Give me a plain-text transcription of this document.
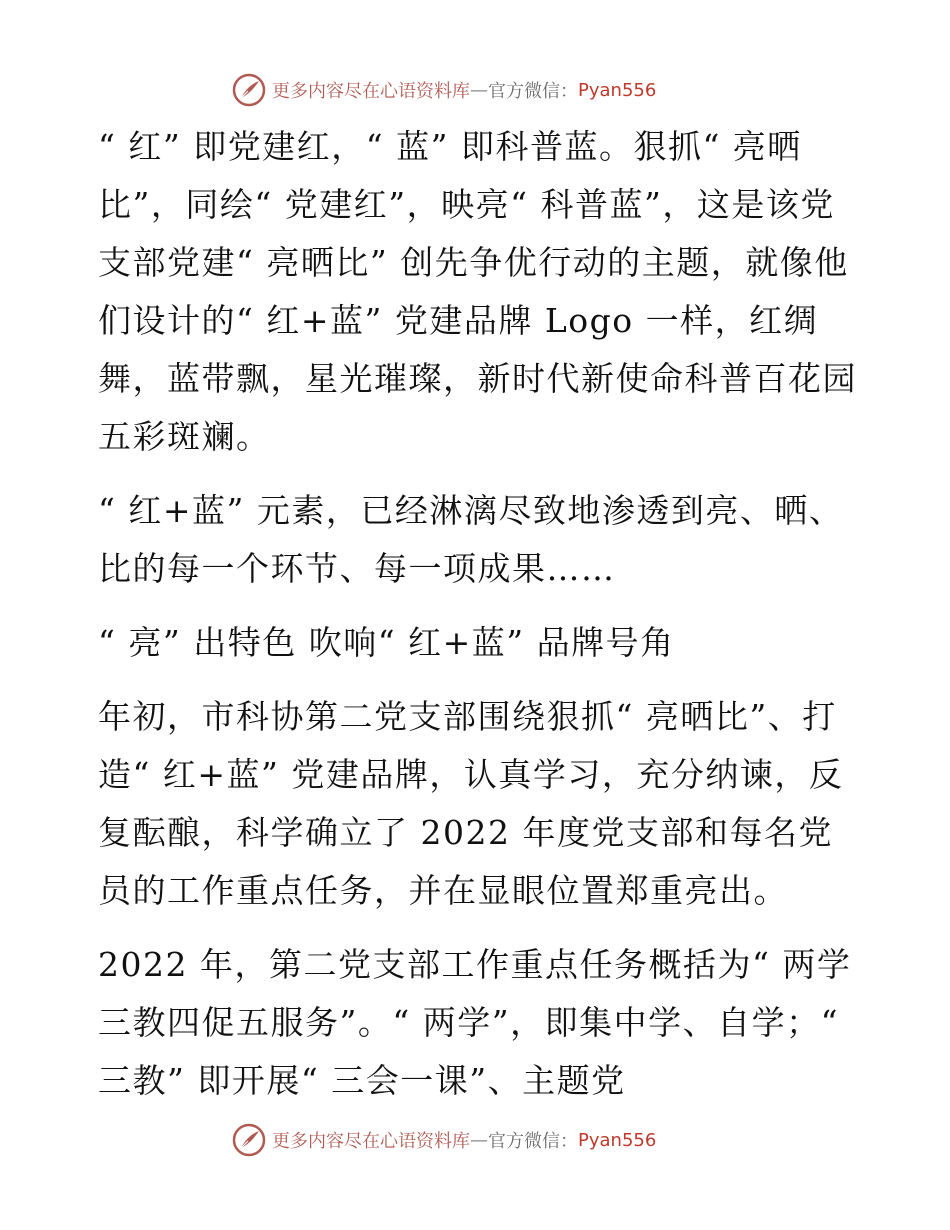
更多内容尽在心语资料库 — 官方微信： Pyan556

“ 红” 即党建红，“ 蓝” 即科普蓝。狠抓“ 亮晒比”，同绘“ 党建红”，映亮“ 科普蓝”，这是该党支部党建“ 亮晒比” 创先争优行动的主题，就像他们设计的“ 红+蓝” 党建品牌 Logo 一样，红绸舞，蓝带飘，星光璀璨，新时代新使命科普百花园五彩斑斓。

“ 红+蓝” 元素，已经淋漓尽致地渗透到亮、晒、比的每一个环节、每一项成果……

“ 亮” 出特色 吹响“ 红+蓝” 品牌号角

年初，市科协第二党支部围绕狠抓“ 亮晒比”、打造“ 红+蓝” 党建品牌，认真学习，充分纳谏，反复酝酿，科学确立了 2022 年度党支部和每名党员的工作重点任务，并在显眼位置郑重亮出。

2022 年，第二党支部工作重点任务概括为“ 两学三教四促五服务”。“ 两学”，即集中学、自学；“ 三教” 即开展“ 三会一课”、主题党

更多内容尽在心语资料库 — 官方微信： Pyan556
